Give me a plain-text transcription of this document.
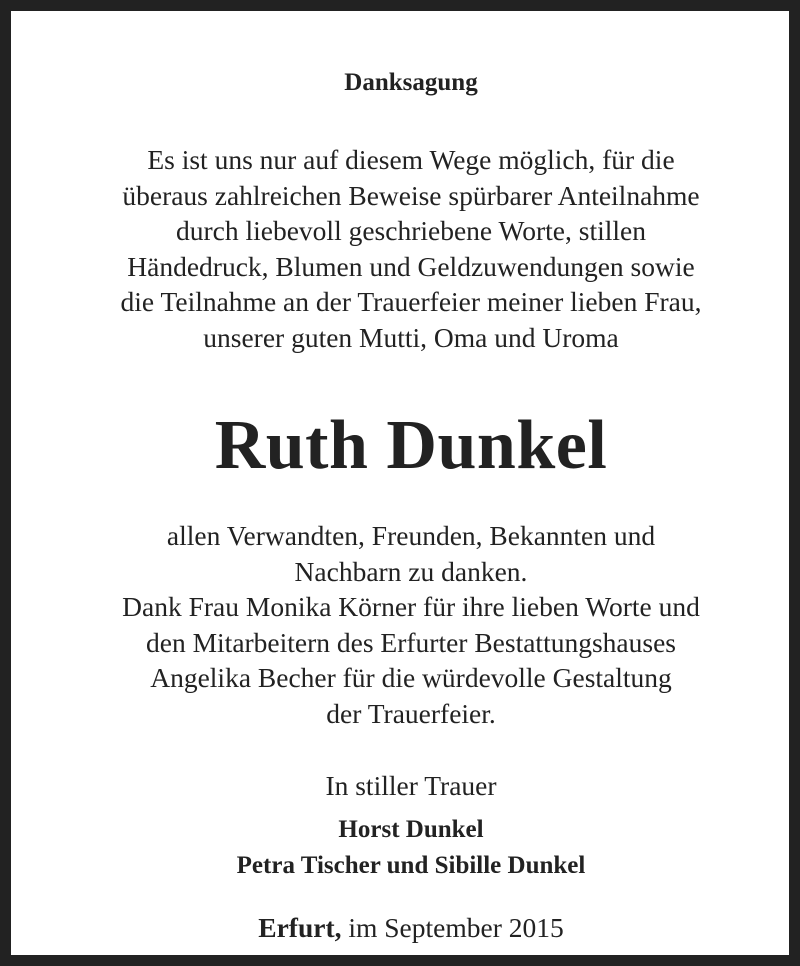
Danksagung
Es ist uns nur auf diesem Wege möglich, für die
überaus zahlreichen Beweise spürbarer Anteilnahme
durch liebevoll geschriebene Worte, stillen
Händedruck, Blumen und Geldzuwendungen sowie
die Teilnahme an der Trauerfeier meiner lieben Frau,
unserer guten Mutti, Oma und Uroma
Ruth Dunkel
allen Verwandten, Freunden, Bekannten und
Nachbarn zu danken.
Dank Frau Monika Körner für ihre lieben Worte und
den Mitarbeitern des Erfurter Bestattungshauses
Angelika Becher für die würdevolle Gestaltung
der Trauerfeier.
In stiller Trauer
Horst Dunkel
Petra Tischer und Sibille Dunkel
Erfurt, im September 2015
